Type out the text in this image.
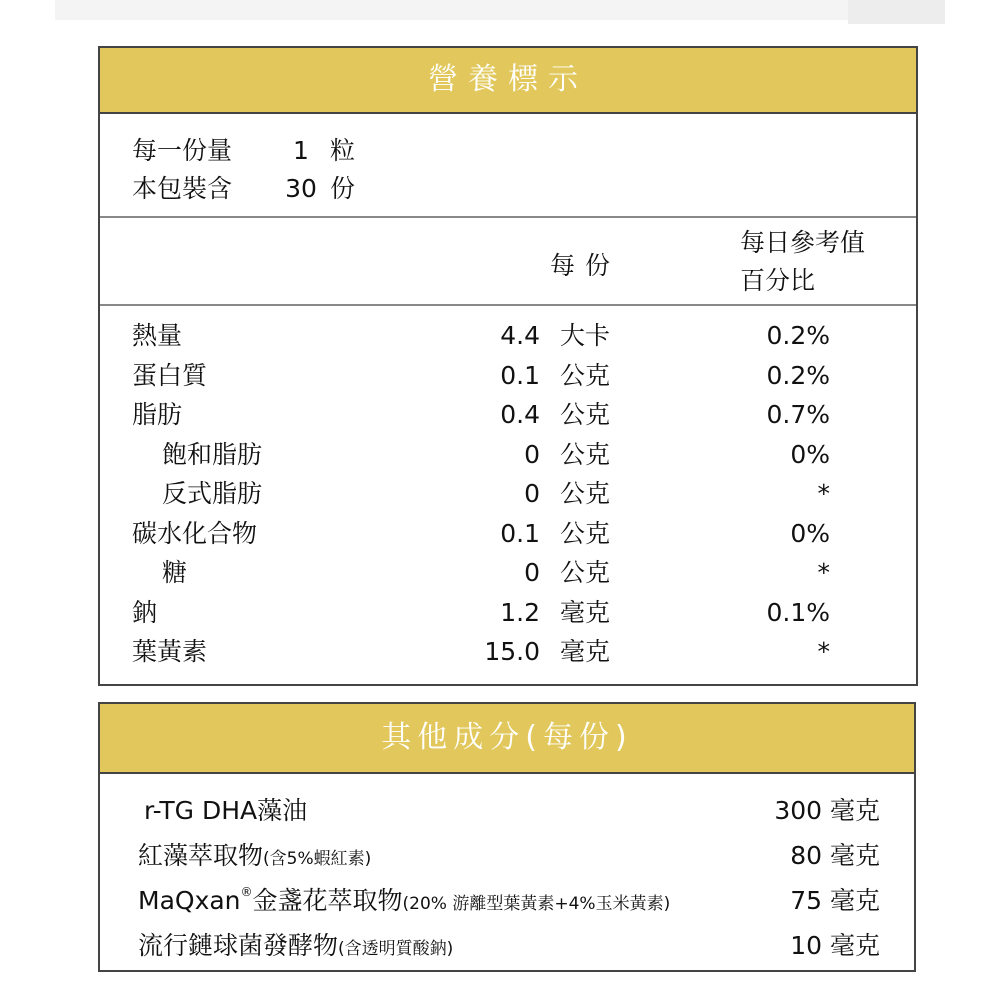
營養標示
每一份量 1 粒
本包裝含 30 份
每份
每日參考值
百分比
熱量	4.4 大卡	0.2%
蛋白質	0.1 公克	0.2%
脂肪	0.4 公克	0.7%
飽和脂肪	0 公克	0%
反式脂肪	0 公克	*
碳水化合物	0.1 公克	0%
糖	0 公克	*
鈉	1.2 毫克	0.1%
葉黃素	15.0 毫克	*
其他成分(每份)
r-TG DHA藻油	300 毫克
紅藻萃取物(含5%蝦紅素)	80 毫克
MaQxan®金盞花萃取物(20% 游離型葉黃素+4%玉米黃素)	75 毫克
流行鏈球菌發酵物(含透明質酸鈉)	10 毫克
